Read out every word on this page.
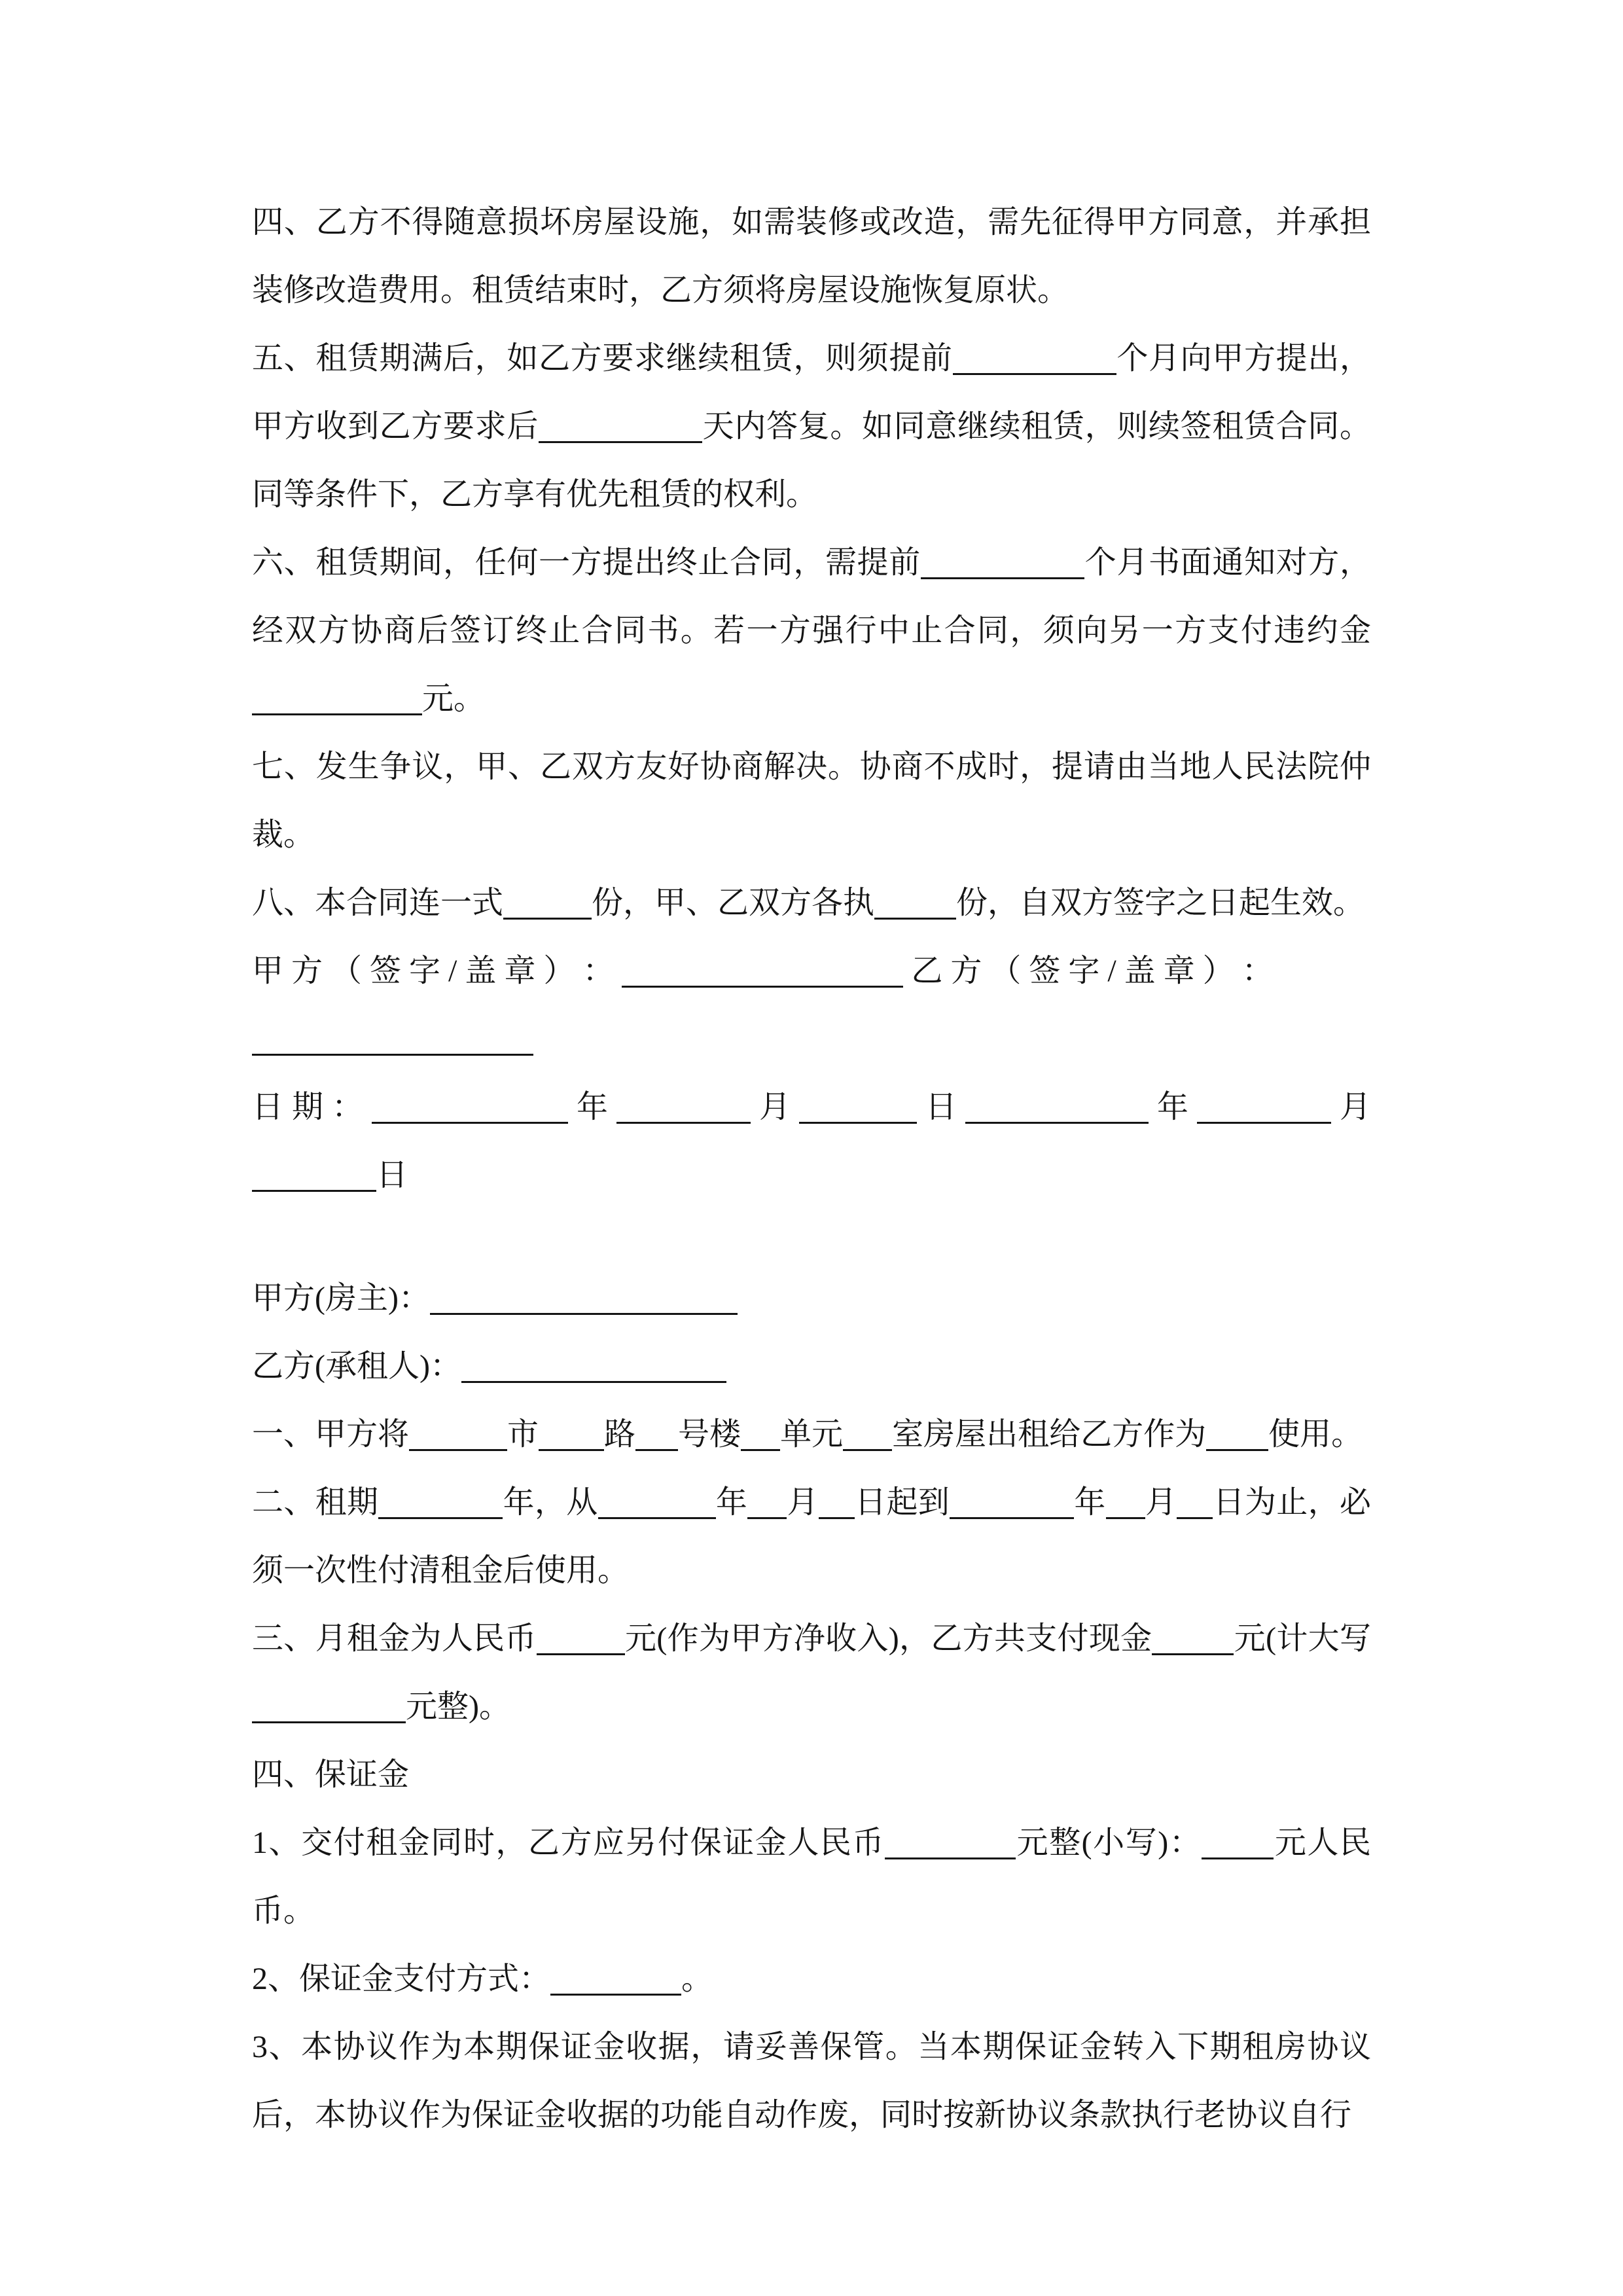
四、乙方不得随意损坏房屋设施，如需装修或改造，需先征得甲方同意，并承担装修改造费用。租赁结束时，乙方须将房屋设施恢复原状。

五、租赁期满后，如乙方要求继续租赁，则须提前	个月向甲方提出，甲方收到乙方要求后	天内答复。如同意继续租赁，则续签租赁合同。同等条件下，乙方享有优先租赁的权利。

六、租赁期间，任何一方提出终止合同，需提前	个月书面通知对方，经双方协商后签订终止合同书。若一方强行中止合同，须向另一方支付违约金元。

七、发生争议，甲、乙双方友好协商解决。协商不成时，提请由当地人民法院仲裁。

八、本合同连一式	份，甲、乙双方各执	份，自双方签字之日起生效。

甲 方 （ 签 字 / 盖 章 ） ：	乙 方 （ 签 字 / 盖 章 ） ：

日期：	年	月	日	年	月日

甲方(房主)：

乙方(承租人)：

一、甲方将	市 路 号楼 单元 室房屋出租给乙方作为 使用。

二、租期	年，从	年 月 日起到	年 月 日为止，必须一次性付清租金后使用。

三、月租金为人民币	元(作为甲方净收入)，乙方共支付现金	元(计大写元整)。

四、保证金

1、交付租金同时，乙方应另付保证金人民币	元整(小写)： 元人民币。

2、保证金支付方式：	。

3、本协议作为本期保证金收据，请妥善保管。当本期保证金转入下期租房协议后，本协议作为保证金收据的功能自动作废，同时按新协议条款执行老协议自行
